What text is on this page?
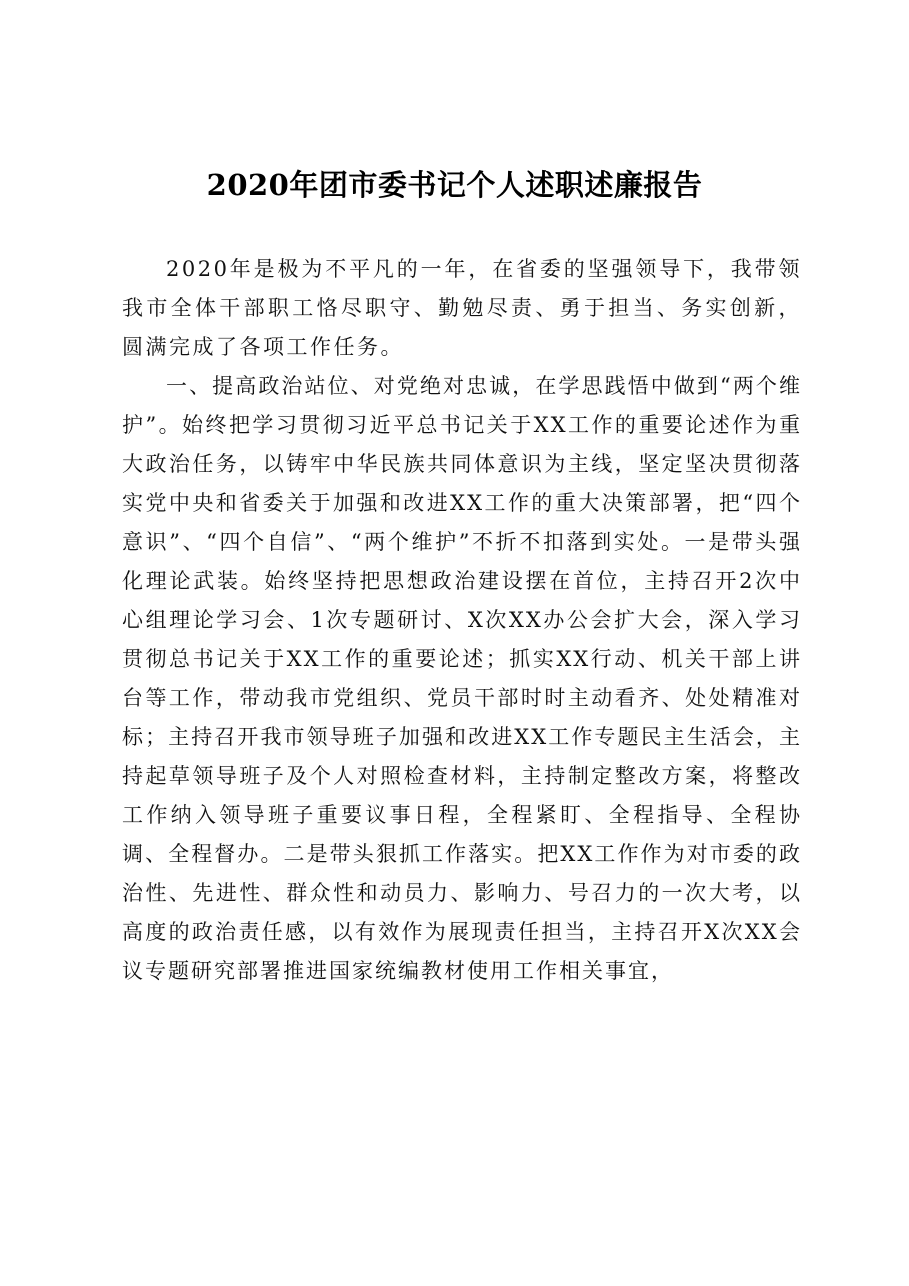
2020年团市委书记个人述职述廉报告

2020年是极为不平凡的一年，在省委的坚强领导下，我带领我市全体干部职工恪尽职守、勤勉尽责、勇于担当、务实创新，圆满完成了各项工作任务。

一、提高政治站位、对党绝对忠诚，在学思践悟中做到“两个维护”。始终把学习贯彻习近平总书记关于XX工作的重要论述作为重大政治任务，以铸牢中华民族共同体意识为主线，坚定坚决贯彻落实党中央和省委关于加强和改进XX工作的重大决策部署，把“四个意识”、“四个自信”、“两个维护”不折不扣落到实处。一是带头强化理论武装。始终坚持把思想政治建设摆在首位，主持召开2次中心组理论学习会、1次专题研讨、X次XX办公会扩大会，深入学习贯彻总书记关于XX工作的重要论述；抓实XX行动、机关干部上讲台等工作，带动我市党组织、党员干部时时主动看齐、处处精准对标；主持召开我市领导班子加强和改进XX工作专题民主生活会，主持起草领导班子及个人对照检查材料，主持制定整改方案，将整改工作纳入领导班子重要议事日程，全程紧盯、全程指导、全程协调、全程督办。二是带头狠抓工作落实。把XX工作作为对市委的政治性、先进性、群众性和动员力、影响力、号召力的一次大考，以高度的政治责任感，以有效作为展现责任担当，主持召开X次XX会议专题研究部署推进国家统编教材使用工作相关事宜，
